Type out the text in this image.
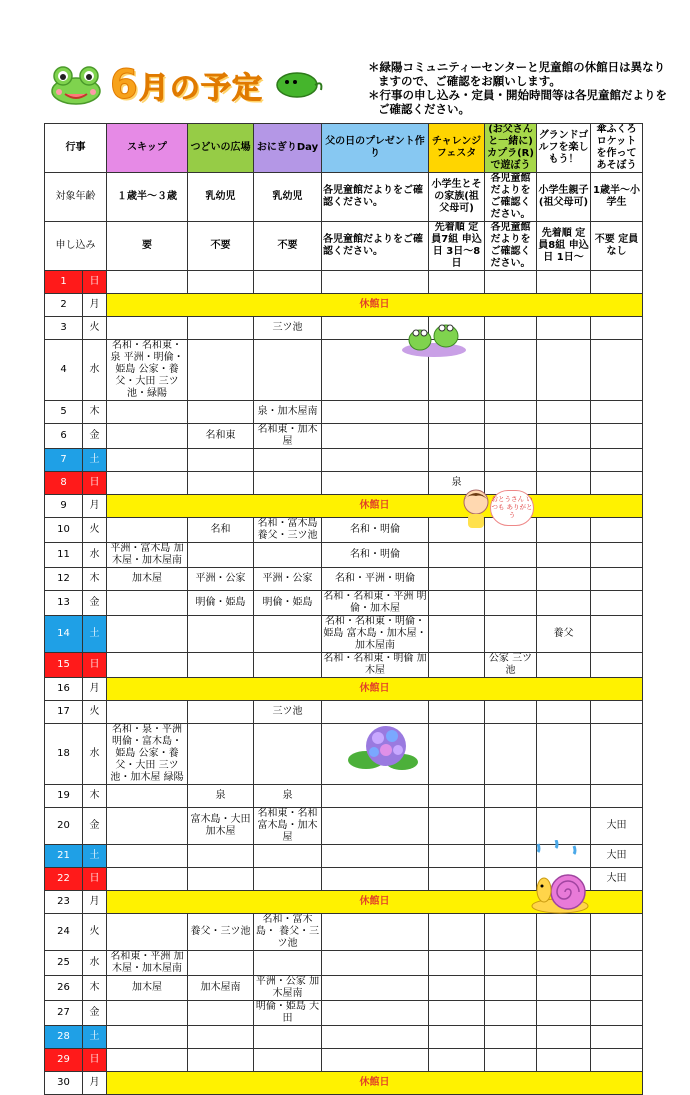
6月の予定
＊緑陽コミュニティーセンターと児童館の休館日は異なりますので、ご確認をお願いします。
＊行事の申し込み・定員・開始時間等は各児童館だよりをご確認ください。
行事		スキップ	つどいの広場	おにぎりDay	父の日のプレゼント作り	チャレンジフェスタ	(お父さんと一緒に)カプラ(R)で遊ぼう	グランドゴルフを楽しもう！	傘ふくろロケットを作ってあそぼう
対象年齢		１歳半～３歳	乳幼児	乳幼児	各児童館だよりをご確認ください。	小学生とその家族(祖父母可)	各児童館だよりをご確認ください。	小学生親子(祖父母可)	1歳半～小学生
申し込み		要	不要	不要	各児童館だよりをご確認ください。	先着順 定員7組 申込日 3日～8日	各児童館だよりをご確認ください。	先着順 定員8組 申込日 1日～	不要 定員なし
1	日								
2	月	休館日							
3	火			三ツ池					
4	水	名和・名和東・泉 平洲・明倫・姫島 公家・養父・大田 三ツ池・緑陽							
5	木			泉・加木屋南					
6	金		名和東	名和東・加木屋					
7	土								
8	日					泉			
9	月	休館日							
10	火		名和	名和・富木島 養父・三ツ池	名和・明倫				
11	水	平洲・富木島 加木屋・加木屋南			名和・明倫				
12	木	加木屋	平洲・公家	平洲・公家	名和・平洲・明倫				
13	金		明倫・姫島	明倫・姫島	名和・名和東・平洲 明倫・加木屋				
14	土				名和・名和東・明倫・姫島 富木島・加木屋・加木屋南			養父	
15	日				名和・名和東・明倫 加木屋		公家 三ツ池		
16	月	休館日							
17	火			三ツ池					
18	水	名和・泉・平洲 明倫・富木島・姫島 公家・養父・大田 三ツ池・加木屋 緑陽							
19	木		泉	泉					
20	金		富木島・大田 加木屋	名和東・名和 富木島・加木屋					大田
21	土								大田
22	日								大田
23	月	休館日							
24	火		養父・三ツ池	名和・富木島・ 養父・三ツ池					
25	水	名和東・平洲 加木屋・加木屋南							
26	木	加木屋	加木屋南	平洲・公家 加木屋南					
27	金			明倫・姫島 大田					
28	土								
29	日								
30	月	休館日							
おとうさん いつも ありがとう
